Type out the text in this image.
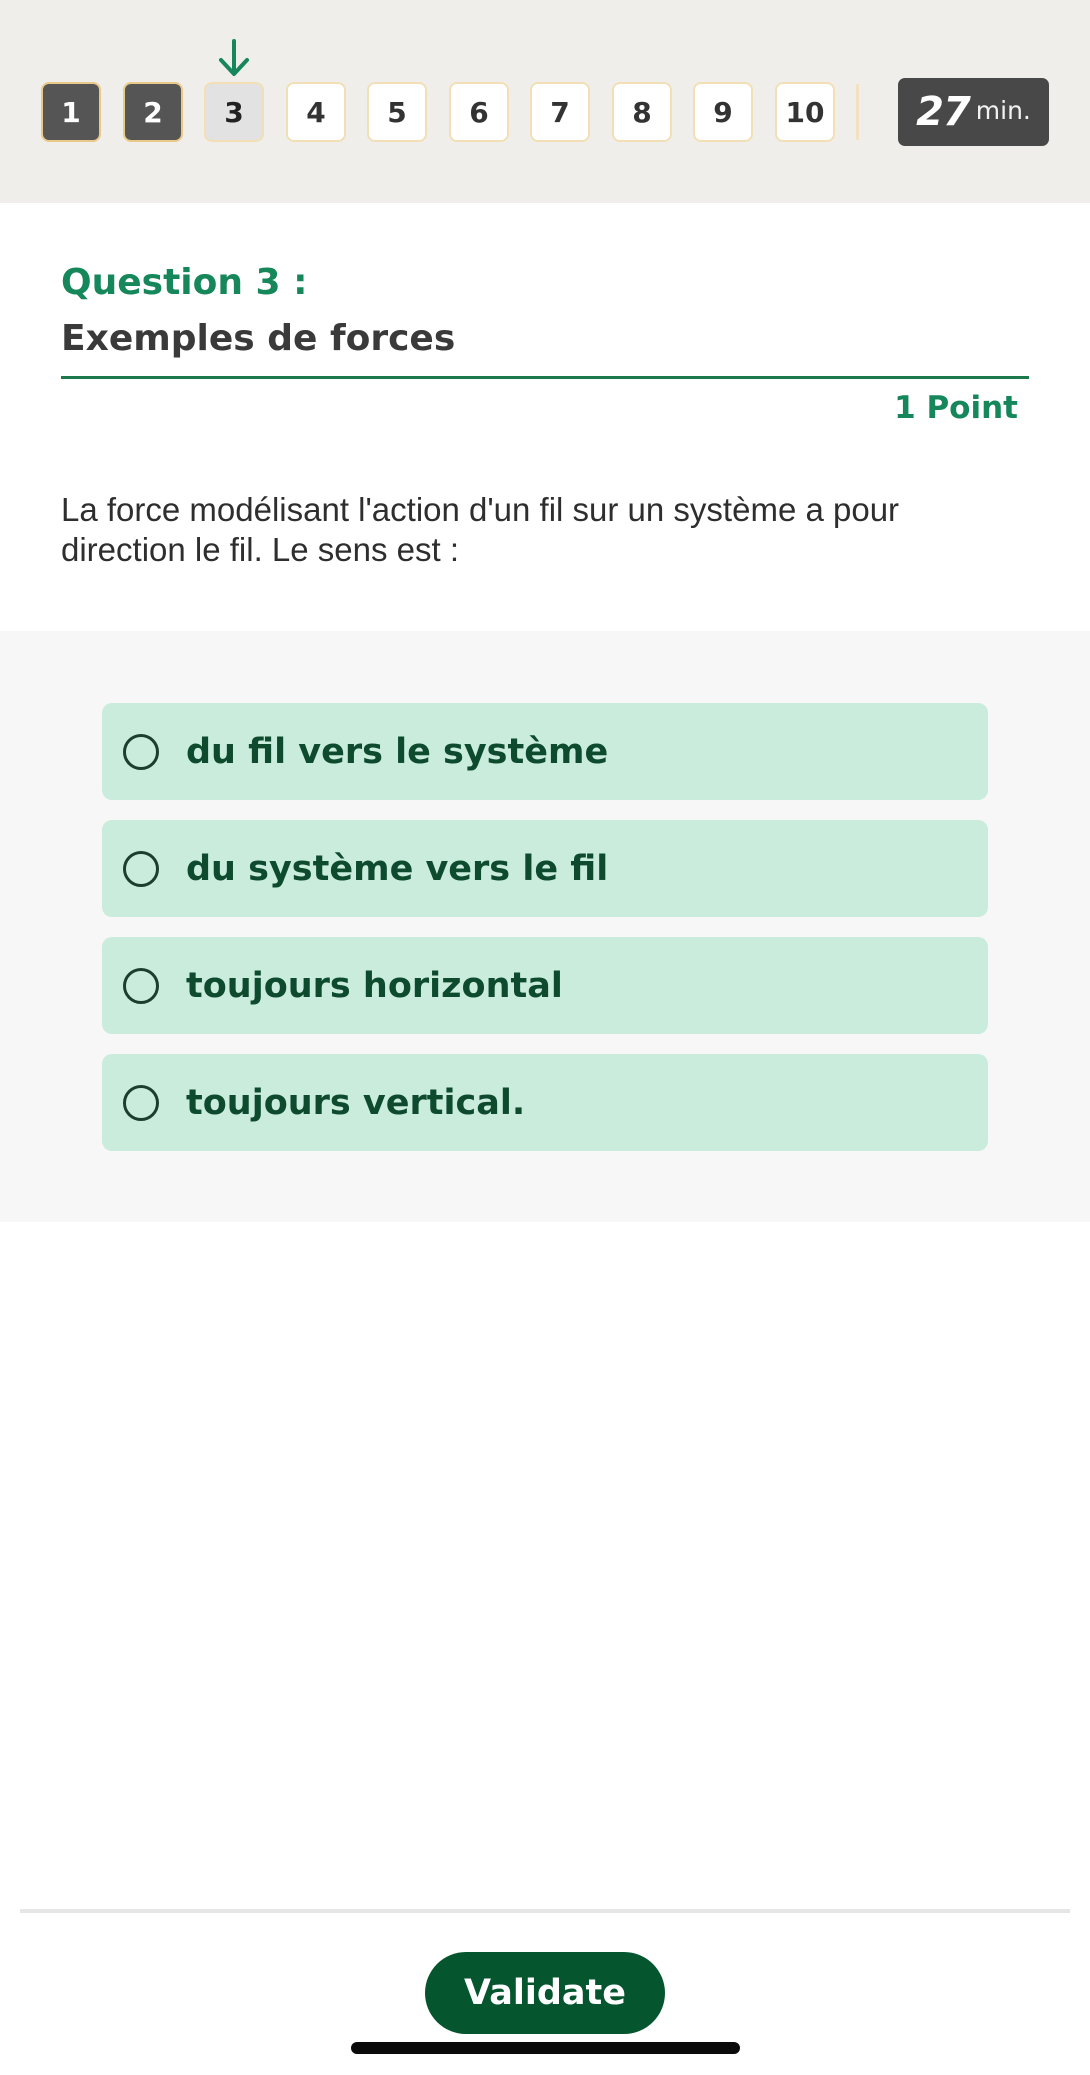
1	2	3	4	5	6	7	8	9	10 27 min.
Question 3 :
Exemples de forces
1 Point
La force modélisant l'action d'un fil sur un système a pour direction le fil. Le sens est :
du fil vers le système
du système vers le fil
toujours horizontal
toujours vertical.
Validate
